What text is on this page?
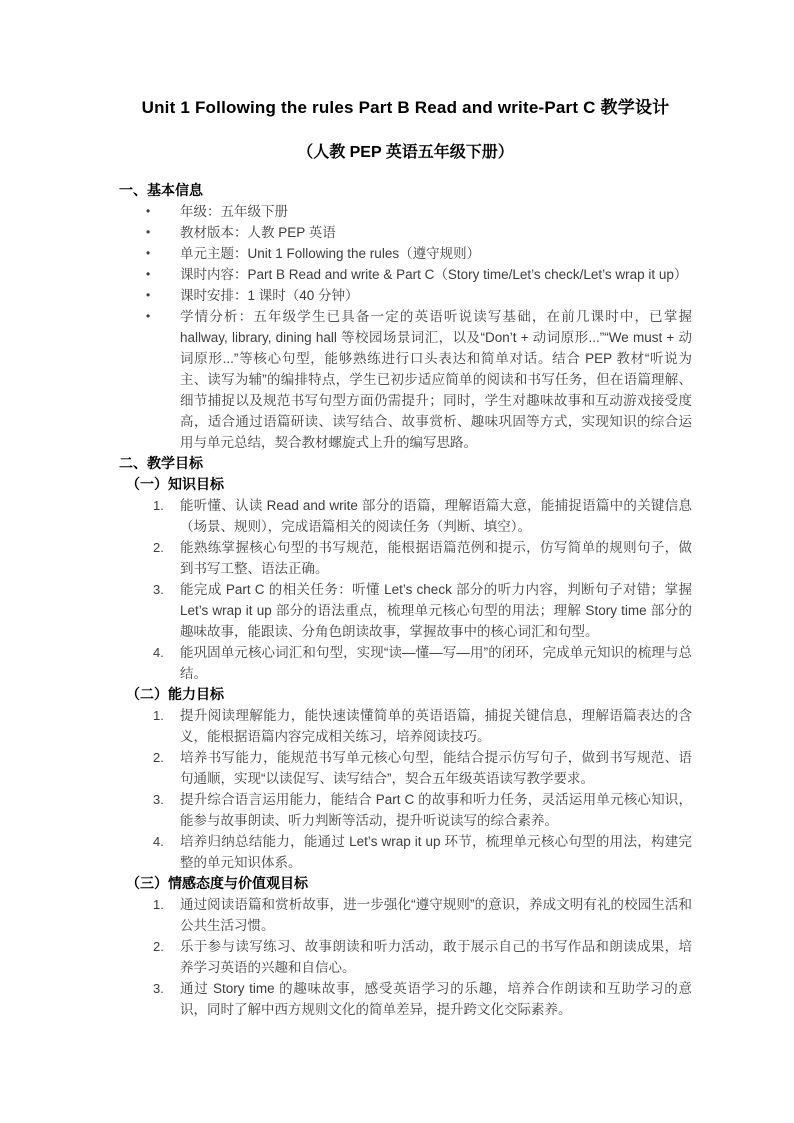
Unit 1 Following the rules Part B Read and write-Part C 教学设计
（人教 PEP 英语五年级下册）
一、基本信息
• 年级：五年级下册
• 教材版本：人教 PEP 英语
• 单元主题：Unit 1 Following the rules（遵守规则）
• 课时内容：Part B Read and write & Part C（Story time/Let’s check/Let’s wrap it up）
• 课时安排：1 课时（40 分钟）
• 学情分析：五年级学生已具备一定的英语听说读写基础，在前几课时中，已掌握 hallway, library, dining hall 等校园场景词汇，以及“Don’t + 动词原形...”“We must + 动词原形...”等核心句型，能够熟练进行口头表达和简单对话。结合 PEP 教材“听说为主、读写为辅”的编排特点，学生已初步适应简单的阅读和书写任务，但在语篇理解、细节捕捉以及规范书写句型方面仍需提升；同时，学生对趣味故事和互动游戏接受度高，适合通过语篇研读、读写结合、故事赏析、趣味巩固等方式，实现知识的综合运用与单元总结，契合教材螺旋式上升的编写思路。
二、教学目标
（一）知识目标
1. 能听懂、认读 Read and write 部分的语篇，理解语篇大意，能捕捉语篇中的关键信息（场景、规则），完成语篇相关的阅读任务（判断、填空）。
2. 能熟练掌握核心句型的书写规范，能根据语篇范例和提示，仿写简单的规则句子，做到书写工整、语法正确。
3. 能完成 Part C 的相关任务：听懂 Let’s check 部分的听力内容，判断句子对错；掌握 Let’s wrap it up 部分的语法重点，梳理单元核心句型的用法；理解 Story time 部分的趣味故事，能跟读、分角色朗读故事，掌握故事中的核心词汇和句型。
4. 能巩固单元核心词汇和句型，实现“读—懂—写—用”的闭环，完成单元知识的梳理与总结。
（二）能力目标
1. 提升阅读理解能力，能快速读懂简单的英语语篇，捕捉关键信息，理解语篇表达的含义，能根据语篇内容完成相关练习，培养阅读技巧。
2. 培养书写能力，能规范书写单元核心句型，能结合提示仿写句子，做到书写规范、语句通顺，实现“以读促写、读写结合”，契合五年级英语读写教学要求。
3. 提升综合语言运用能力，能结合 Part C 的故事和听力任务，灵活运用单元核心知识，能参与故事朗读、听力判断等活动，提升听说读写的综合素养。
4. 培养归纳总结能力，能通过 Let’s wrap it up 环节，梳理单元核心句型的用法，构建完整的单元知识体系。
（三）情感态度与价值观目标
1. 通过阅读语篇和赏析故事，进一步强化“遵守规则”的意识，养成文明有礼的校园生活和公共生活习惯。
2. 乐于参与读写练习、故事朗读和听力活动，敢于展示自己的书写作品和朗读成果，培养学习英语的兴趣和自信心。
3. 通过 Story time 的趣味故事，感受英语学习的乐趣，培养合作朗读和互助学习的意识，同时了解中西方规则文化的简单差异，提升跨文化交际素养。
